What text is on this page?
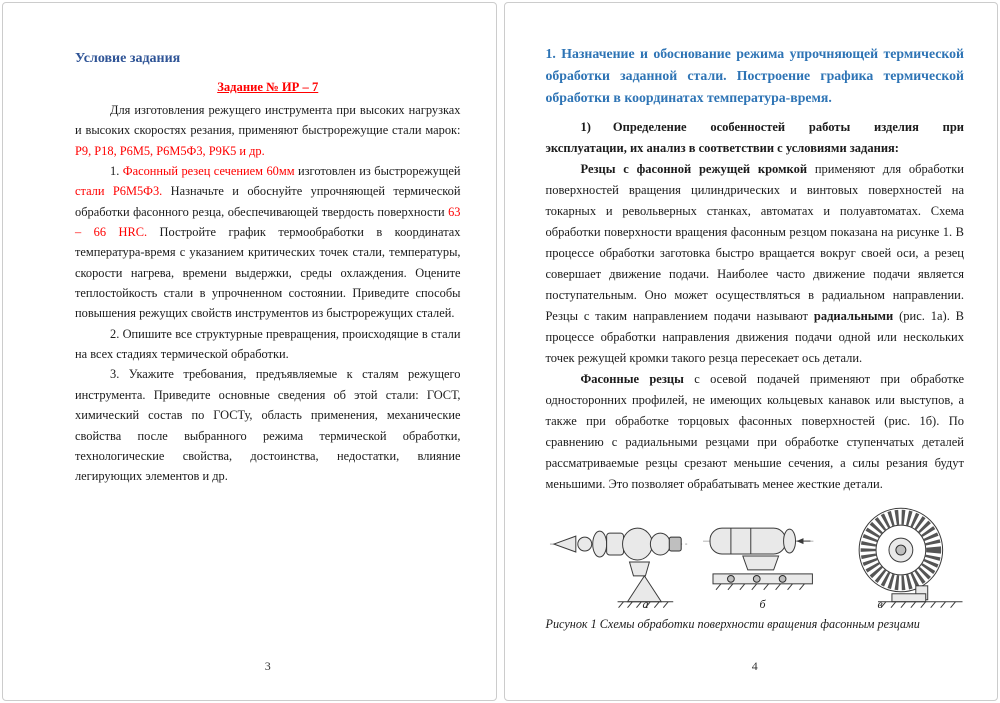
Условие задания

Задание № ИР – 7

Для изготовления режущего инструмента при высоких нагрузках и высоких скоростях резания, применяют быстрорежущие стали марок: Р9, Р18, Р6М5, Р6М5Ф3, Р9К5 и др.

1. Фасонный резец сечением 60мм изготовлен из быстрорежущей стали Р6М5Ф3. Назначьте и обоснуйте упрочняющей термической обработки фасонного резца, обеспечивающей твердость поверхности 63 – 66 HRC. Постройте график термообработки в координатах температура-время с указанием критических точек стали, температуры, скорости нагрева, времени выдержки, среды охлаждения. Оцените теплостойкость стали в упрочненном состоянии. Приведите способы повышения режущих свойств инструментов из быстрорежущих сталей.

2. Опишите все структурные превращения, происходящие в стали на всех стадиях термической обработки.

3. Укажите требования, предъявляемые к сталям режущего инструмента. Приведите основные сведения об этой стали: ГОСТ, химический состав по ГОСТу, область применения, механические свойства после выбранного режима термической обработки, технологические свойства, достоинства, недостатки, влияние легирующих элементов и др.

3
1. Назначение и обоснование режима упрочняющей термической обработки заданной стали. Построение графика термической обработки в координатах температура-время.

1) Определение особенностей работы изделия при эксплуатации, их анализ в соответствии с условиями задания:

Резцы с фасонной режущей кромкой применяют для обработки поверхностей вращения цилиндрических и винтовых поверхностей на токарных и револьверных станках, автоматах и полуавтоматах. Схема обработки поверхности вращения фасонным резцом показана на рисунке 1. В процессе обработки заготовка быстро вращается вокруг своей оси, а резец совершает движение подачи. Наиболее часто движение подачи является поступательным. Оно может осуществляться в радиальном направлении. Резцы с таким направлением подачи называют радиальными (рис. 1а). В процессе обработки направления движения подачи одной или нескольких точек режущей кромки такого резца пересекает ось детали.

Фасонные резцы с осевой подачей применяют при обработке односторонних профилей, не имеющих кольцевых канавок или выступов, а также при обработке торцовых фасонных поверхностей (рис. 1б). По сравнению с радиальными резцами при обработке ступенчатых деталей рассматриваемые резцы срезают меньшие сечения, а силы резания будут меньшими. Это позволяет обрабатывать менее жесткие детали.

а	б	в

Рисунок 1 Схемы обработки поверхности вращения фасонным резцами

4
